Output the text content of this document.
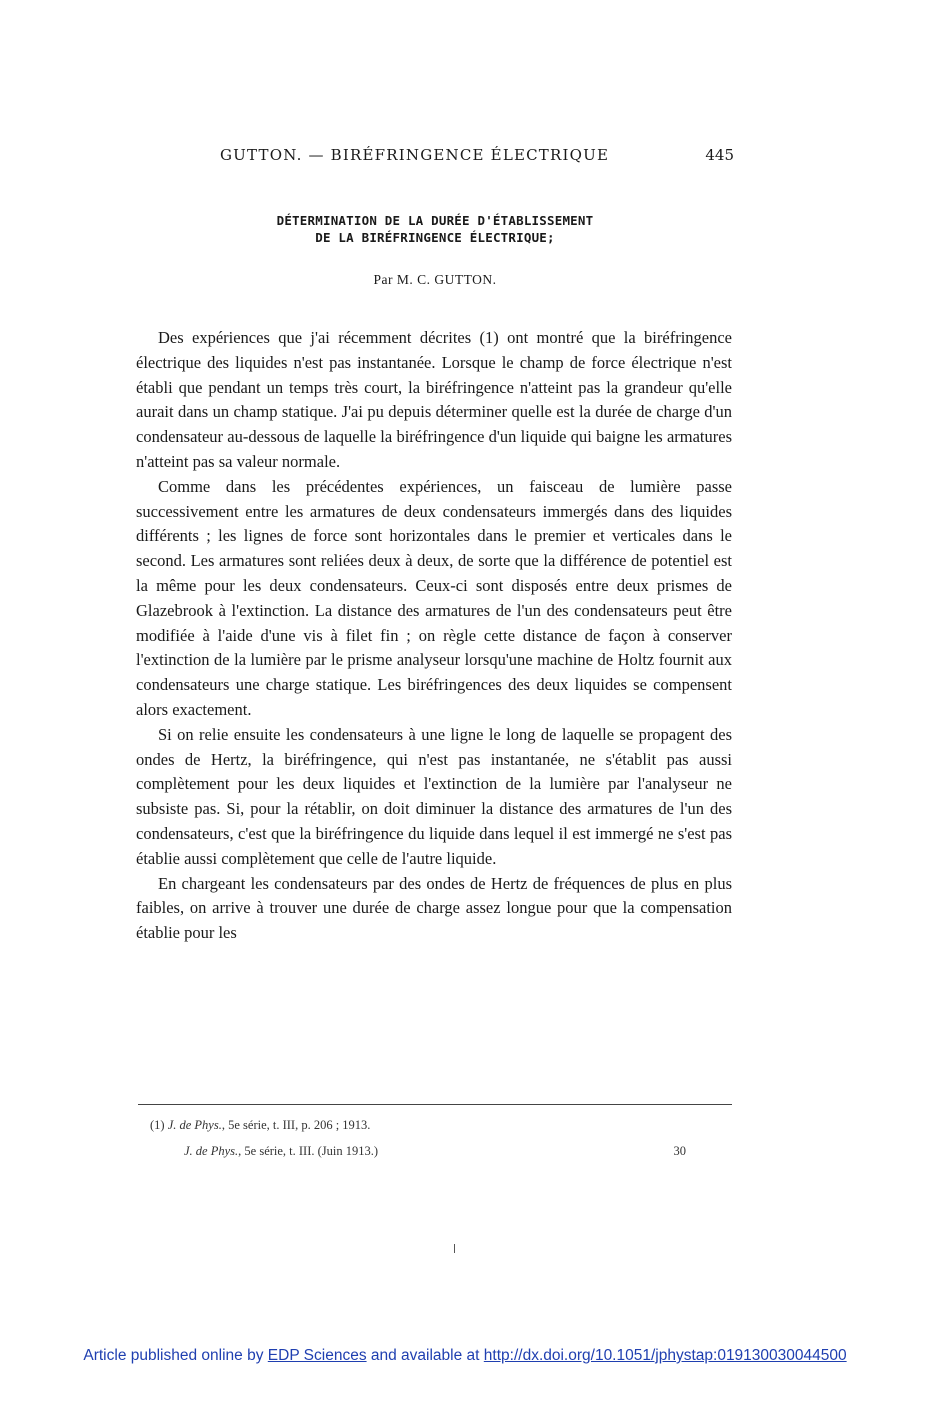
GUTTON. — BIRÉFRINGENCE ÉLECTRIQUE	445
DÉTERMINATION DE LA DURÉE D'ÉTABLISSEMENT
DE LA BIRÉFRINGENCE ÉLECTRIQUE;
Par M. C. GUTTON.

Des expériences que j'ai récemment décrites (1) ont montré que la biréfringence électrique des liquides n'est pas instantanée. Lorsque le champ de force électrique n'est établi que pendant un temps très court, la biréfringence n'atteint pas la grandeur qu'elle aurait dans un champ statique. J'ai pu depuis déterminer quelle est la durée de charge d'un condensateur au-dessous de laquelle la biréfringence d'un liquide qui baigne les armatures n'atteint pas sa valeur normale.

Comme dans les précédentes expériences, un faisceau de lumière passe successivement entre les armatures de deux condensateurs immergés dans des liquides différents ; les lignes de force sont horizontales dans le premier et verticales dans le second. Les armatures sont reliées deux à deux, de sorte que la différence de potentiel est la même pour les deux condensateurs. Ceux-ci sont disposés entre deux prismes de Glazebrook à l'extinction. La distance des armatures de l'un des condensateurs peut être modifiée à l'aide d'une vis à filet fin ; on règle cette distance de façon à conserver l'extinction de la lumière par le prisme analyseur lorsqu'une machine de Holtz fournit aux condensateurs une charge statique. Les biréfringences des deux liquides se compensent alors exactement.

Si on relie ensuite les condensateurs à une ligne le long de laquelle se propagent des ondes de Hertz, la biréfringence, qui n'est pas instantanée, ne s'établit pas aussi complètement pour les deux liquides et l'extinction de la lumière par l'analyseur ne subsiste pas. Si, pour la rétablir, on doit diminuer la distance des armatures de l'un des condensateurs, c'est que la biréfringence du liquide dans lequel il est immergé ne s'est pas établie aussi complètement que celle de l'autre liquide.

En chargeant les condensateurs par des ondes de Hertz de fréquences de plus en plus faibles, on arrive à trouver une durée de charge assez longue pour que la compensation établie pour les

(1) J. de Phys., 5e série, t. III, p. 206 ; 1913.
J. de Phys., 5e série, t. III. (Juin 1913.)	30
Article published online by EDP Sciences and available at http://dx.doi.org/10.1051/jphystap:019130030044500
